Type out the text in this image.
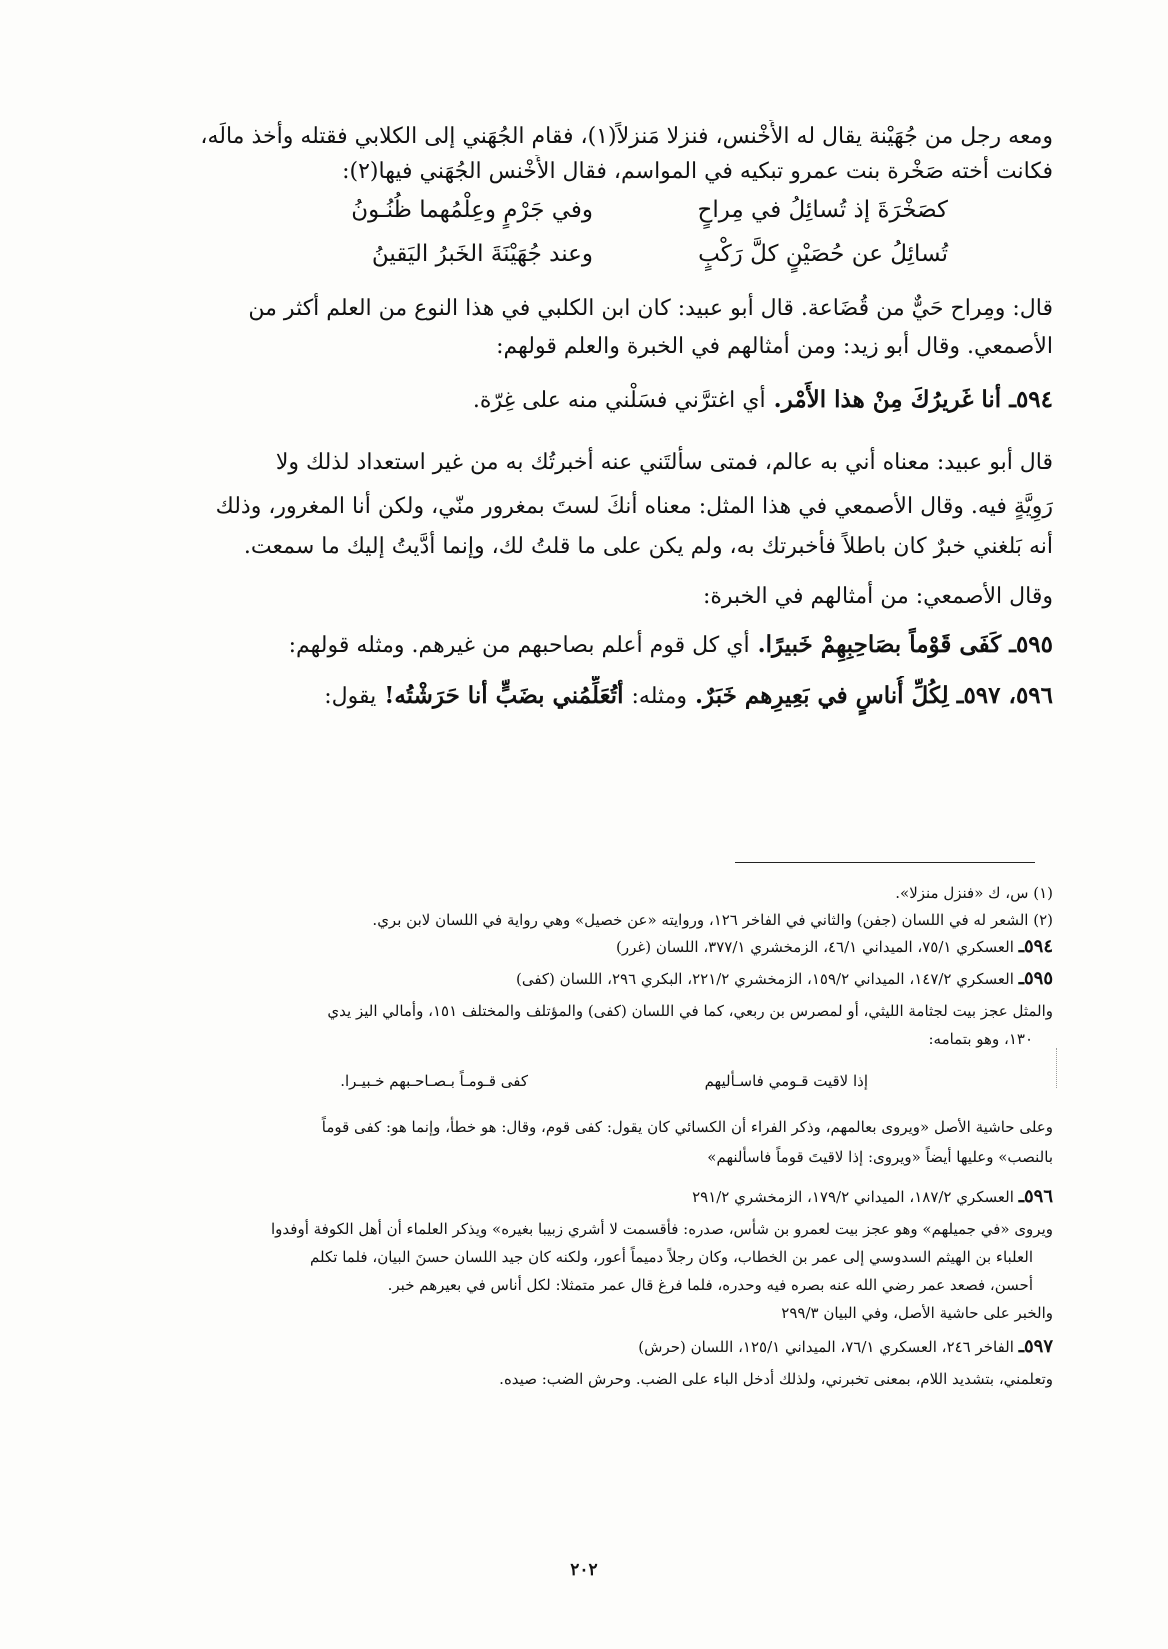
ومعه رجل من جُهَيْنة يقال له الأَخْنس، فنزلا مَنزلاً(١)، فقام الجُهَني إلى الكلابي فقتله وأخذ مالَه،
فكانت أخته صَخْرة بنت عمرو تبكيه في المواسم، فقال الأَخْنس الجُهَني فيها(٢):
كصَخْرَةَ إذ تُسائِلُ في مِراحٍ
وفي جَرْمٍ وعِلْمُهما ظُنُـونُ
تُسائِلُ عن حُصَيْنٍ كلَّ رَكْبٍ
وعند جُهَيْنَةَ الخَبرُ اليَقينُ
قال: ومِراح حَيٌّ من قُضَاعة. قال أبو عبيد: كان ابن الكلبي في هذا النوع من العلم أكثر من
الأصمعي. وقال أبو زيد: ومن أمثالهم في الخبرة والعلم قولهم:
٥٩٤ـ أنا غَريرُكَ مِنْ هذا الأَمْر. أي اغترَّني فسَلْني منه على غِرّة.
قال أبو عبيد: معناه أني به عالم، فمتى سألتَني عنه أخبرتُك به من غير استعداد لذلك ولا
رَوِيَّةٍ فيه. وقال الأصمعي في هذا المثل: معناه أنكَ لستَ بمغرور منّي، ولكن أنا المغرور، وذلك
أنه بَلغني خبرٌ كان باطلاً فأخبرتك به، ولم يكن على ما قلتُ لك، وإنما أدَّيتُ إليك ما سمعت.
وقال الأصمعي: من أمثالهم في الخبرة:
٥٩٥ـ كَفَى قَوْماً بصَاحِبِهِمْ خَبيرًا. أي كل قوم أعلم بصاحبهم من غيرهم. ومثله قولهم:
٥٩٦، ٥٩٧ـ لِكُلِّ أُناسٍ في بَعِيرِهم خَبَرٌ. ومثله: أتُعَلِّمُني بضَبٍّ أنا حَرَشْتُه! يقول:
(١) س، ك «فنزل منزلا».
(٢) الشعر له في اللسان (جفن) والثاني في الفاخر ١٢٦، وروايته «عن خصيل» وهي رواية في اللسان لابن بري.
٥٩٤ـ العسكري ٧٥/١، الميداني ٤٦/١، الزمخشري ٣٧٧/١، اللسان (غرر)
٥٩٥ـ العسكري ١٤٧/٢، الميداني ١٥٩/٢، الزمخشري ٢٢١/٢، البكري ٢٩٦، اللسان (كفى)
والمثل عجز بيت لجثامة الليثي، أو لمصرس بن ربعي، كما في اللسان (كفى) والمؤتلف والمختلف ١٥١، وأمالي اليز يدي
١٣٠، وهو بتمامه:
إذا لاقيت قـومي فاسـأليهم
كفى قـومـاً بـصـاحـبهم خـبيـرا.
وعلى حاشية الأصل «ويروى بعالمهم، وذكر الفراء أن الكسائي كان يقول: كفى قوم، وقال: هو خطأ، وإنما هو: كفى قوماً
بالنصب» وعليها أيضاً «ويروى: إذا لاقيتَ قوماً فاسألنهم»
٥٩٦ـ العسكري ١٨٧/٢، الميداني ١٧٩/٢، الزمخشري ٢٩١/٢
ويروى «في جميلهم» وهو عجز بيت لعمرو بن شأس، صدره: فأقسمت لا أشري زبيبا بغيره» ويذكر العلماء أن أهل الكوفة أوفدوا
العلباء بن الهيثم السدوسي إلى عمر بن الخطاب، وكان رجلاً دميماً أعور، ولكنه كان جيد اللسان حسنَ البيان، فلما تكلم
أحسن، فصعد عمر رضي الله عنه بصره فيه وحدره، فلما فرغ قال عمر متمثلا: لكل أناس في بعيرهم خبر.
والخبر على حاشية الأصل، وفي البيان ٢٩٩/٣
٥٩٧ـ الفاخر ٢٤٦، العسكري ٧٦/١، الميداني ١٢٥/١، اللسان (حرش)
وتعلمني، بتشديد اللام، بمعنى تخبرني، ولذلك أدخل الباء على الضب. وحرش الضب: صيده.
٢٠٢
